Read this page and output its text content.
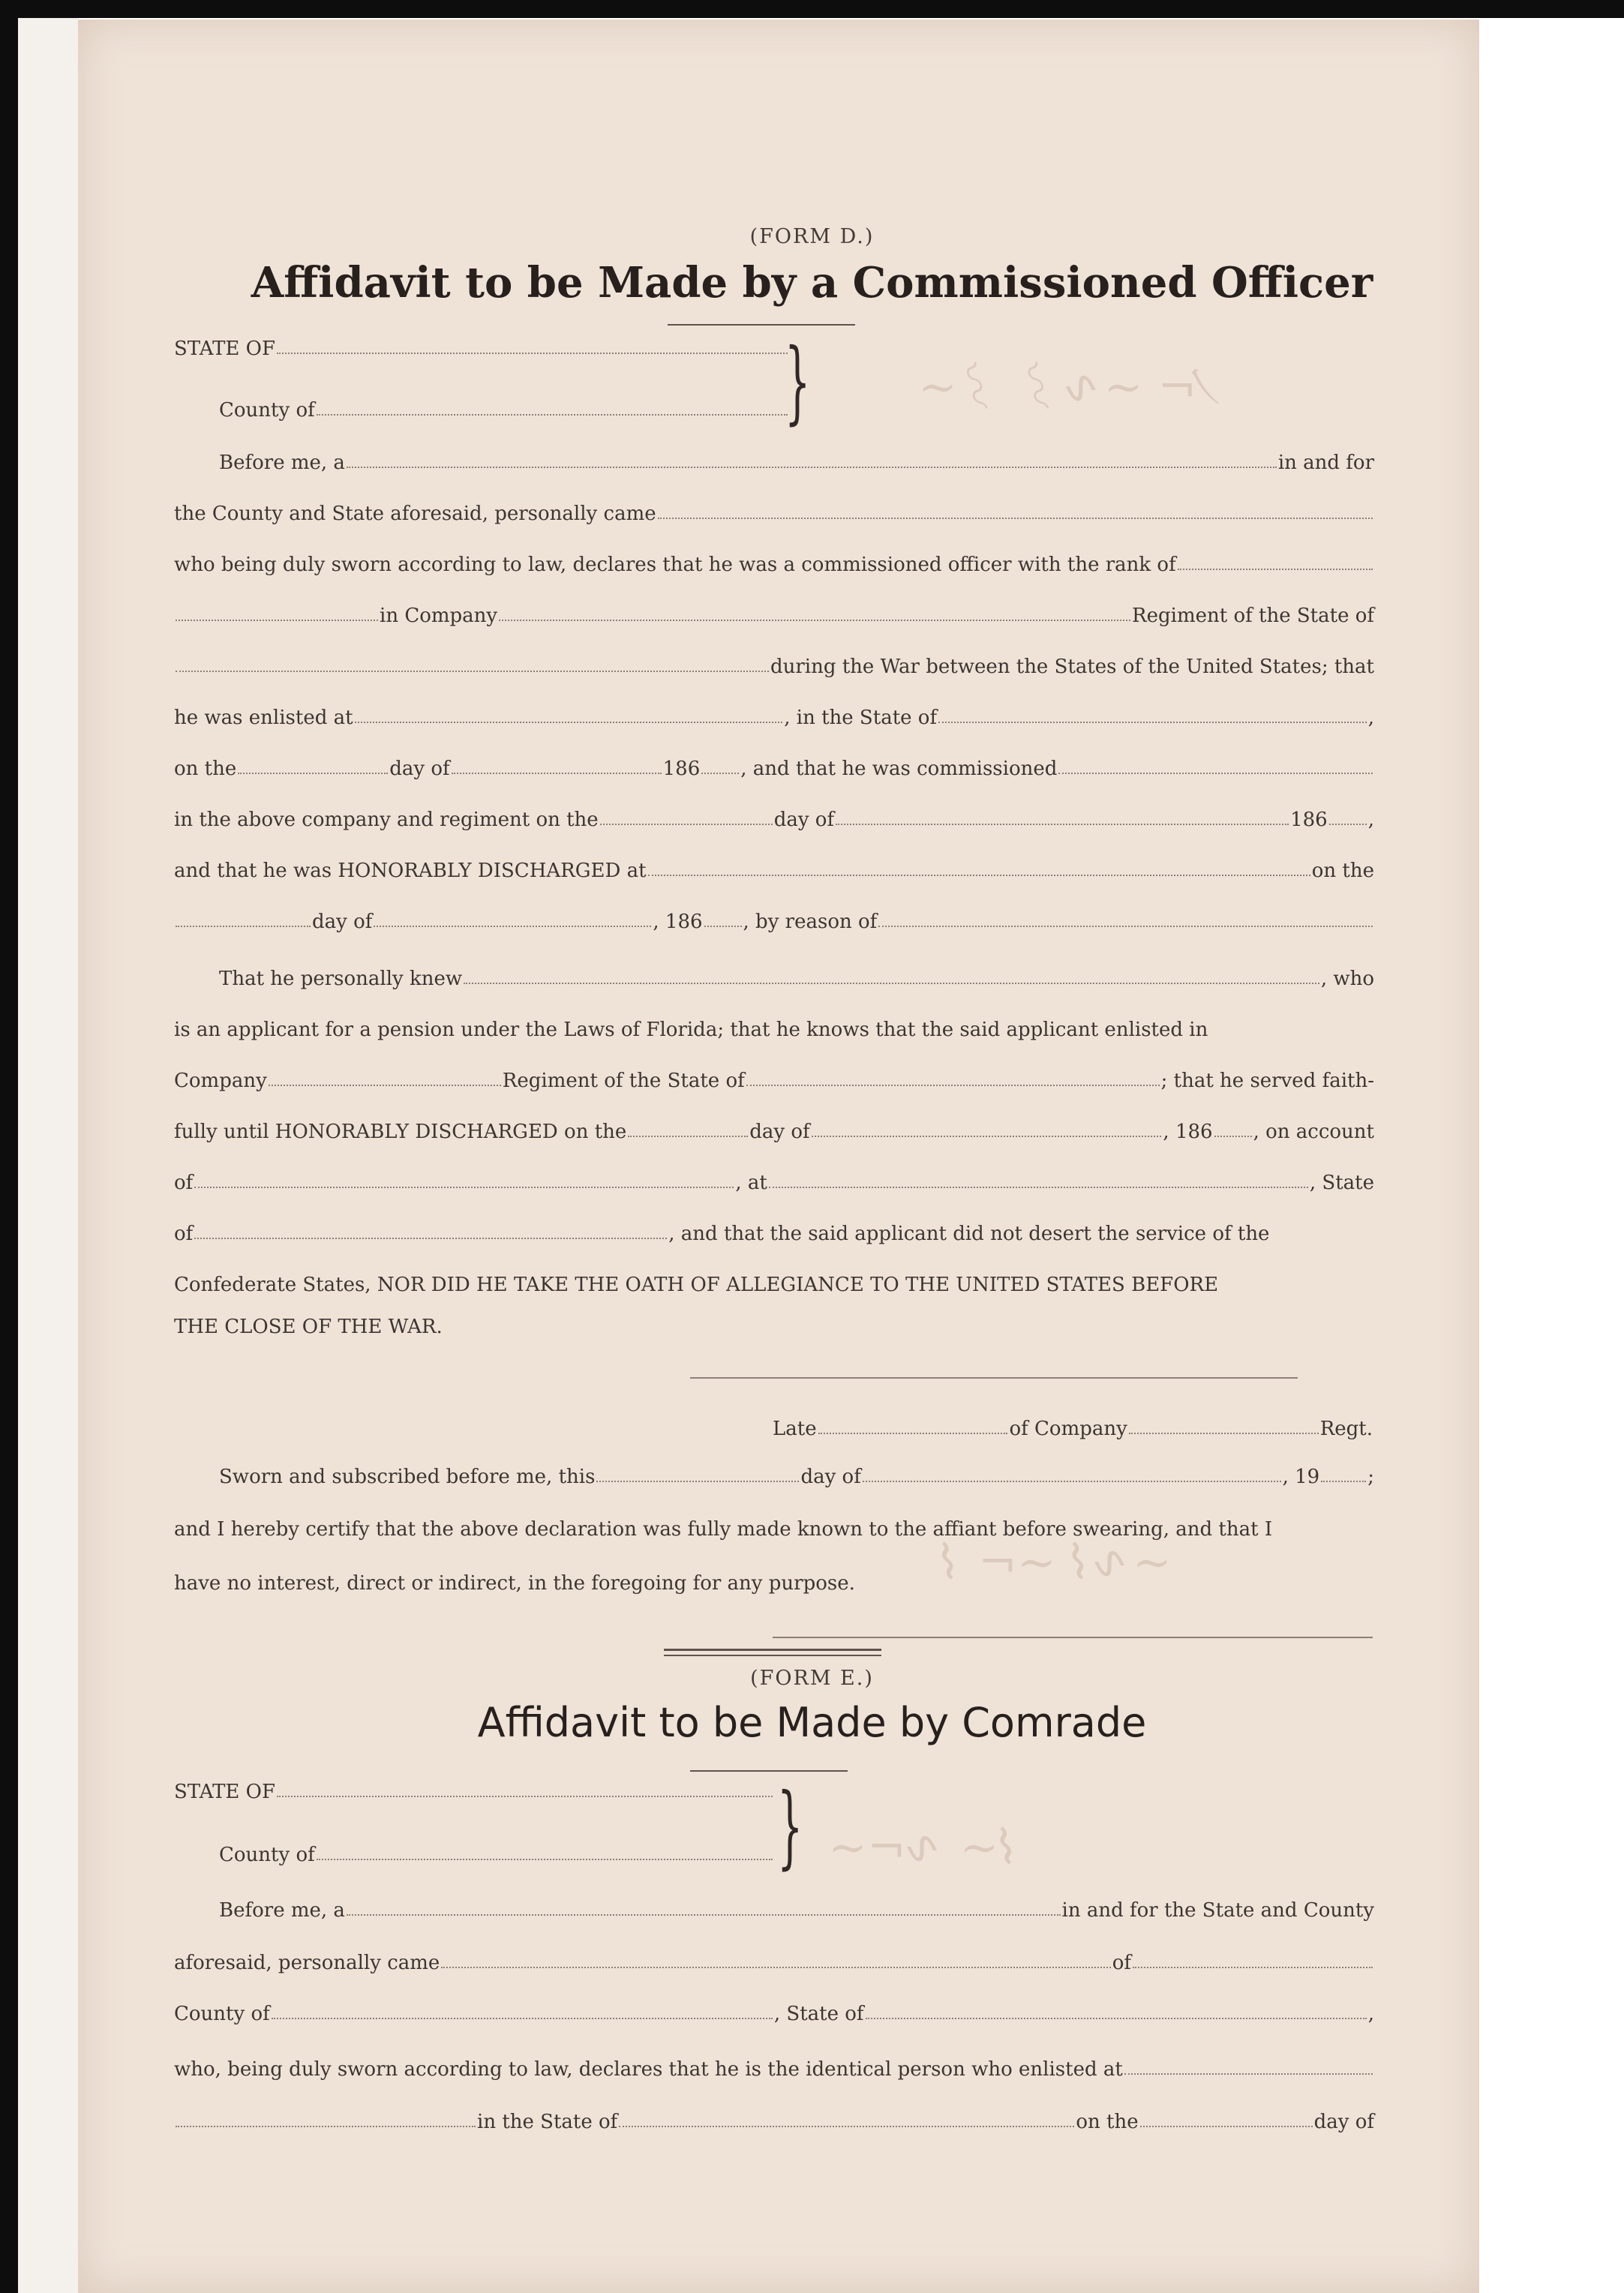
ﾉ⌐ ∽∿⌇ ⌇∽
∽∿⌇ ∽⌐ ⌇
⌇∽ ∿⌐∽
(FORM D.)
Affidavit to be Made by a Commissioned Officer
STATE OF
County of	}
Before me, a	in and for
the County and State aforesaid, personally came
who being duly sworn according to law, declares that he was a commissioned officer with the rank of
in Company	Regiment of the State of
during the War between the States of the United States; that
he was enlisted at	, in the State of	,
on the	day of	186 , and that he was commissioned
in the above company and regiment on the	day of	186 ,
and that he was HONORABLY DISCHARGED at	on the
day of	, 186 , by reason of
That he personally knew	, who
is an applicant for a pension under the Laws of Florida; that he knows that the said applicant enlisted in
Company	Regiment of the State of	; that he served faith-
fully until HONORABLY DISCHARGED on the	day of	, 186 , on account
of	, at	, State
of	, and that the said applicant did not desert the service of the
Confederate States, NOR DID HE TAKE THE OATH OF ALLEGIANCE TO THE UNITED STATES BEFORE
THE CLOSE OF THE WAR.
Late	of Company	Regt.
Sworn and subscribed before me, this	day of	, 19 ;
and I hereby certify that the above declaration was fully made known to the affiant before swearing, and that I
have no interest, direct or indirect, in the foregoing for any purpose.
(FORM E.)
Affidavit to be Made by Comrade
STATE OF
County of	}
Before me, a	in and for the State and County
aforesaid, personally came	of
County of	, State of	,
who, being duly sworn according to law, declares that he is the identical person who enlisted at
in the State of	on the	day of
